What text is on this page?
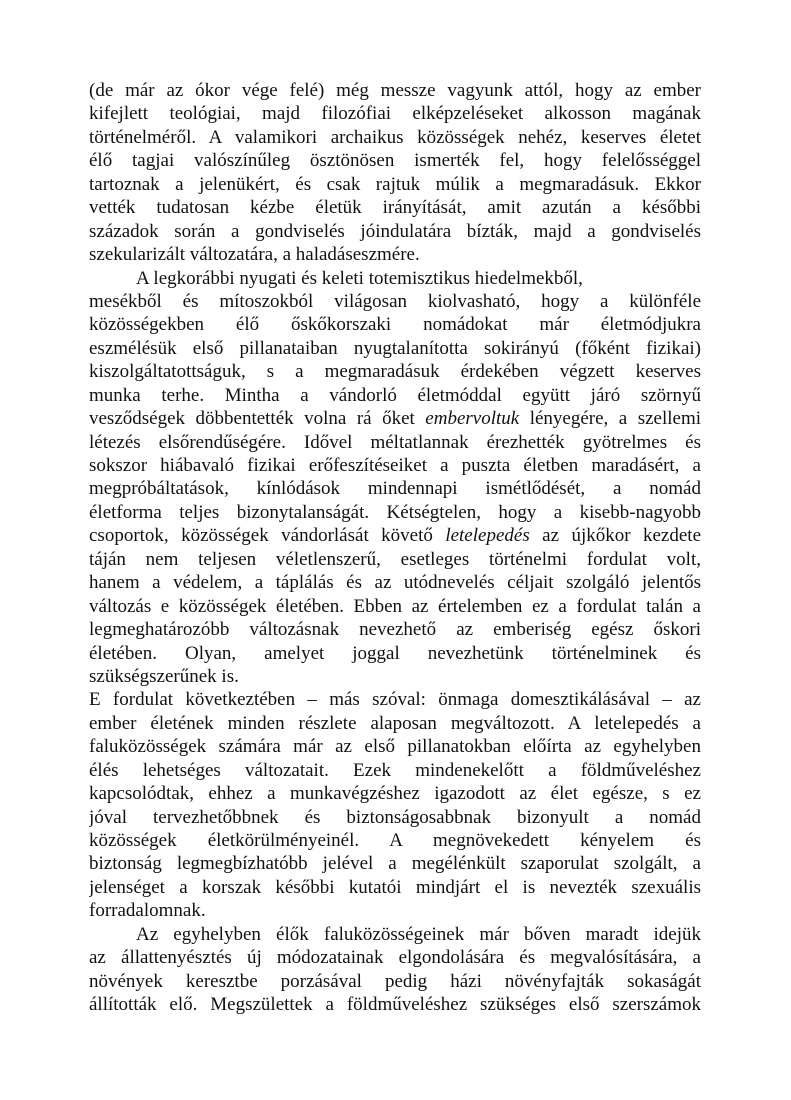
(de már az ókor vége felé) még messze vagyunk attól, hogy az ember
kifejlett teológiai, majd filozófiai elképzeléseket alkosson magának
történelméről. A valamikori archaikus közösségek nehéz, keserves életet
élő tagjai valószínűleg ösztönösen ismerték fel, hogy felelősséggel
tartoznak a jelenükért, és csak rajtuk múlik a megmaradásuk. Ekkor
vették tudatosan kézbe életük irányítását, amit azután a későbbi
századok során a gondviselés jóindulatára bízták, majd a gondviselés
szekularizált változatára, a haladáseszmére.
A legkorábbi nyugati és keleti totemisztikus hiedelmekből,
mesékből és mítoszokból világosan kiolvasható, hogy a különféle
közösségekben élő őskőkorszaki nomádokat már életmódjukra
eszmélésük első pillanataiban nyugtalanította sokirányú (főként fizikai)
kiszolgáltatottságuk, s a megmaradásuk érdekében végzett keserves
munka terhe. Mintha a vándorló életmóddal együtt járó szörnyű
vesződségek döbbentették volna rá őket embervoltuk lényegére, a szellemi
létezés elsőrendűségére. Idővel méltatlannak érezhették gyötrelmes és
sokszor hiábavaló fizikai erőfeszítéseiket a puszta életben maradásért, a
megpróbáltatások, kínlódások mindennapi ismétlődését, a nomád
életforma teljes bizonytalanságát. Kétségtelen, hogy a kisebb-nagyobb
csoportok, közösségek vándorlását követő letelepedés az újkőkor kezdete
táján nem teljesen véletlenszerű, esetleges történelmi fordulat volt,
hanem a védelem, a táplálás és az utódnevelés céljait szolgáló jelentős
változás e közösségek életében. Ebben az értelemben ez a fordulat talán a
legmeghatározóbb változásnak nevezhető az emberiség egész őskori
életében. Olyan, amelyet joggal nevezhetünk történelminek és
szükségszerűnek is.
E fordulat következtében – más szóval: önmaga domesztikálásával – az
ember életének minden részlete alaposan megváltozott. A letelepedés a
faluközösségek számára már az első pillanatokban előírta az egyhelyben
élés lehetséges változatait. Ezek mindenekelőtt a földműveléshez
kapcsolódtak, ehhez a munkavégzéshez igazodott az élet egésze, s ez
jóval tervezhetőbbnek és biztonságosabbnak bizonyult a nomád
közösségek életkörülményeinél. A megnövekedett kényelem és
biztonság legmegbízhatóbb jelével a megélénkült szaporulat szolgált, a
jelenséget a korszak későbbi kutatói mindjárt el is nevezték szexuális
forradalomnak.
Az egyhelyben élők faluközösségeinek már bőven maradt idejük
az állattenyésztés új módozatainak elgondolására és megvalósítására, a
növények keresztbe porzásával pedig házi növényfajták sokaságát
állították elő. Megszülettek a földműveléshez szükséges első szerszámok
